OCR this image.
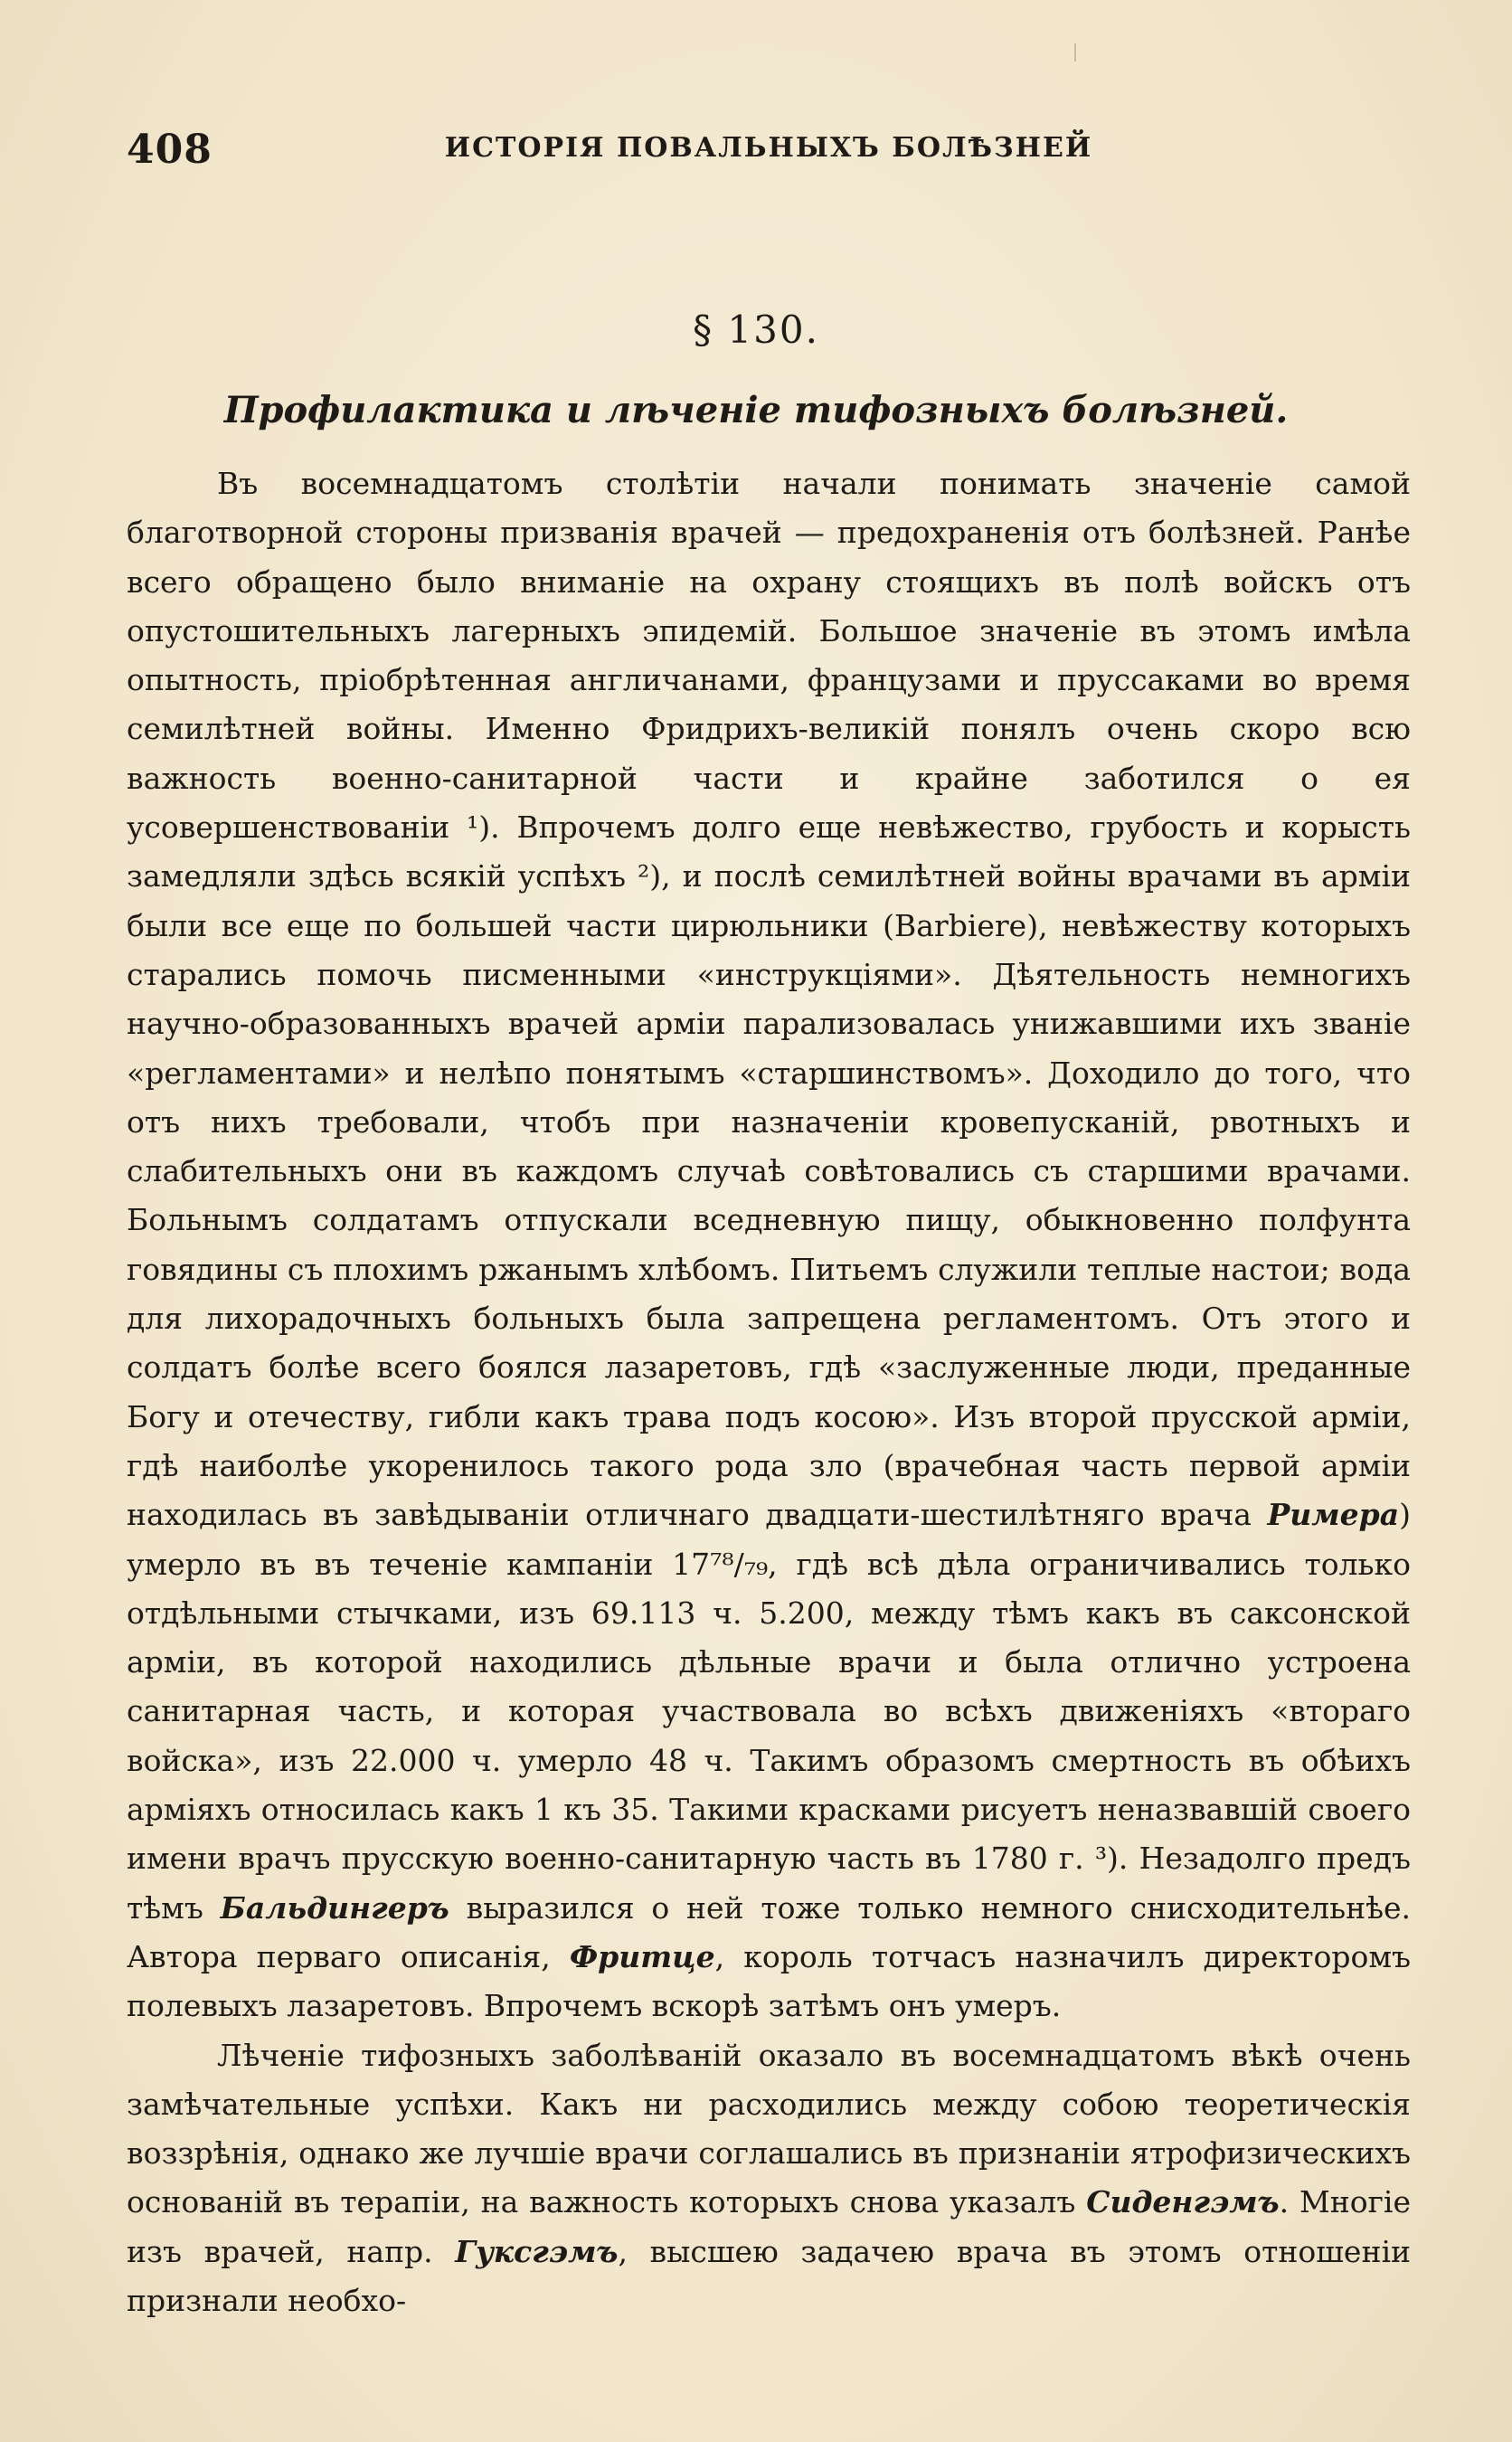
408	ИСТОРІЯ ПОВАЛЬНЫХЪ БОЛѢЗНЕЙ
§ 130.
Профилактика и лѣченіе тифозныхъ болѣзней.

Въ восемнадцатомъ столѣтіи начали понимать значеніе самой благотворной стороны призванія врачей — предохраненія отъ болѣзней. Ранѣе всего обращено было вниманіе на охрану стоящихъ въ полѣ войскъ отъ опустошительныхъ лагерныхъ эпидемій. Большое значеніе въ этомъ имѣла опытность, пріобрѣтенная англичанами, французами и пруссаками во время семилѣтней войны. Именно Фридрихъ-великій понялъ очень скоро всю важность военно-санитарной части и крайне заботился о ея усовершенствованіи ¹). Впрочемъ долго еще невѣжество, грубость и корысть замедляли здѣсь всякій успѣхъ ²), и послѣ семилѣтней войны врачами въ арміи были все еще по большей части цирюльники (Barbiere), невѣжеству которыхъ старались помочь писменными «инструкціями». Дѣятельность немногихъ научно-образованныхъ врачей арміи парализовалась унижавшими ихъ званіе «регламентами» и нелѣпо понятымъ «старшинствомъ». Доходило до того, что отъ нихъ требовали, чтобъ при назначеніи кровепусканій, рвотныхъ и слабительныхъ они въ каждомъ случаѣ совѣтовались съ старшими врачами. Больнымъ солдатамъ отпускали вседневную пищу, обыкновенно полфунта говядины съ плохимъ ржанымъ хлѣбомъ. Питьемъ служили теплые настои; вода для лихорадочныхъ больныхъ была запрещена регламентомъ. Отъ этого и солдатъ болѣе всего боялся лазаретовъ, гдѣ «заслуженные люди, преданные Богу и отечеству, гибли какъ трава подъ косою». Изъ второй прусской арміи, гдѣ наиболѣе укоренилось такого рода зло (врачебная часть первой арміи находилась въ завѣдываніи отличнаго двадцати-шестилѣтняго врача Римера) умерло въ въ теченіе кампаніи 17⁷⁸/₇₉, гдѣ всѣ дѣла ограничивались только отдѣльными стычками, изъ 69.113 ч. 5.200, между тѣмъ какъ въ саксонской арміи, въ которой находились дѣльные врачи и была отлично устроена санитарная часть, и которая участвовала во всѣхъ движеніяхъ «втораго войска», изъ 22.000 ч. умерло 48 ч. Такимъ образомъ смертность въ обѣихъ арміяхъ относилась какъ 1 къ 35. Такими красками рисуетъ неназвавшій своего имени врачъ прусскую военно-санитарную часть въ 1780 г. ³). Незадолго предъ тѣмъ Бальдингеръ выразился о ней тоже только немного снисходительнѣе. Автора перваго описанія, Фритце, король тотчасъ назначилъ директоромъ полевыхъ лазаретовъ. Впрочемъ вскорѣ затѣмъ онъ умеръ.

Лѣченіе тифозныхъ заболѣваній оказало въ восемнадцатомъ вѣкѣ очень замѣчательные успѣхи. Какъ ни расходились между собою теоретическія воззрѣнія, однако же лучшіе врачи соглашались въ признаніи ятрофизическихъ основаній въ терапіи, на важность которыхъ снова указалъ Сиденгэмъ. Многіе изъ врачей, напр. Гуксгэмъ, высшею задачею врача въ этомъ отношеніи признали необхо-
